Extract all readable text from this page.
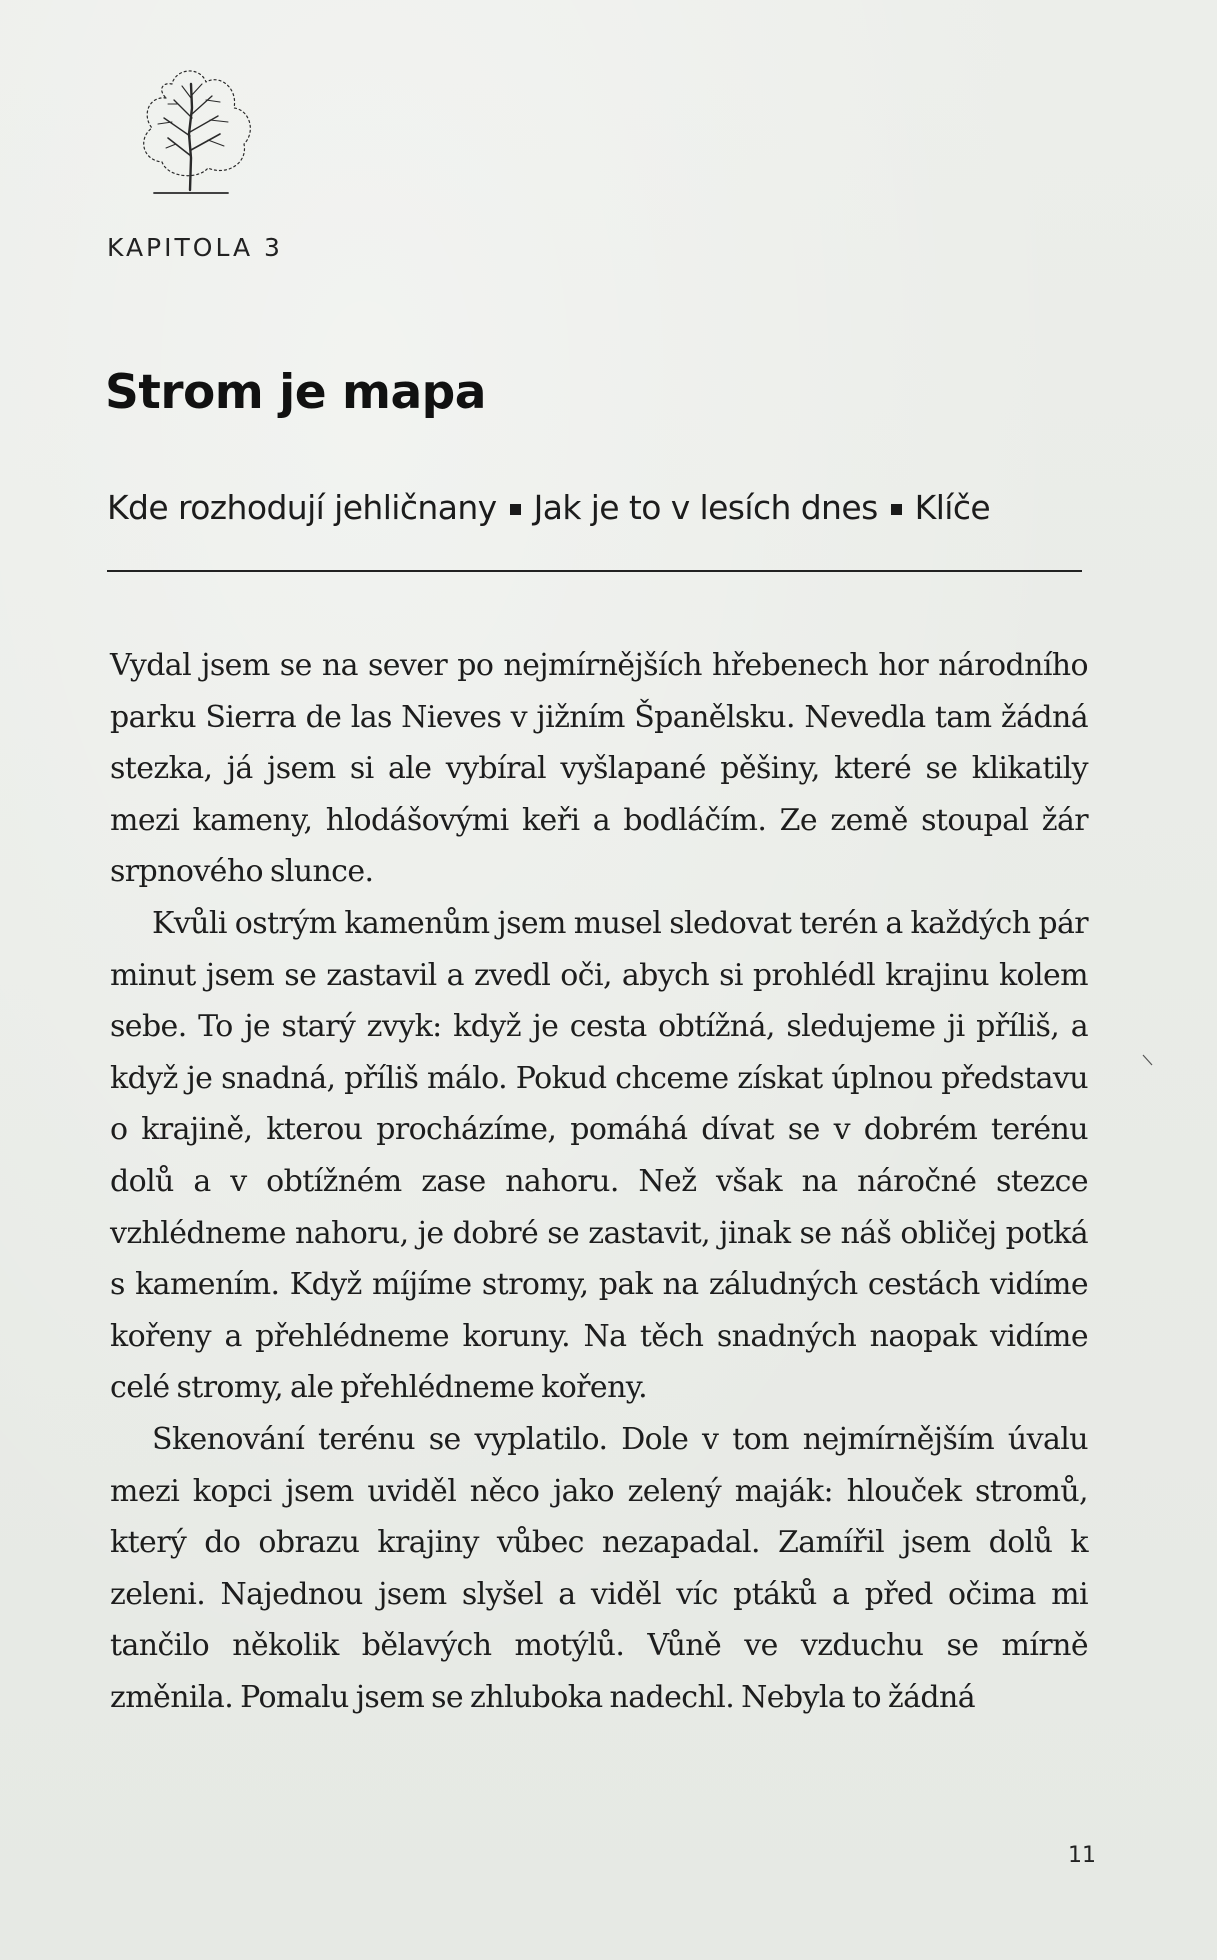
KAPITOLA 3
Strom je mapa
Kde rozhodují jehličnany Jak je to v lesích dnes Klíče

Vydal jsem se na sever po nejmírnějších hřebenech hor národního parku Sierra de las Nieves v jižním Španělsku. Nevedla tam žádná stezka, já jsem si ale vybíral vyšlapané pěšiny, které se klikatily mezi kameny, hlodášovými keři a bodláčím. Ze země stoupal žár srpnového slunce.

Kvůli ostrým kamenům jsem musel sledovat terén a každých pár minut jsem se zastavil a zvedl oči, abych si prohlédl krajinu kolem sebe. To je starý zvyk: když je cesta obtížná, sledujeme ji příliš, a když je snadná, příliš málo. Pokud chceme získat úplnou představu o krajině, kterou procházíme, pomáhá dívat se v dobrém terénu dolů a v obtížném zase nahoru. Než však na náročné stezce vzhlédneme nahoru, je dobré se zastavit, jinak se náš obličej potká s kamením. Když míjíme stromy, pak na záludných cestách vidíme kořeny a přehlédneme koruny. Na těch snadných naopak vidíme celé stromy, ale přehlédneme kořeny.

Skenování terénu se vyplatilo. Dole v tom nejmírnějším úvalu mezi kopci jsem uviděl něco jako zelený maják: hlouček stromů, který do obrazu krajiny vůbec nezapadal. Zamířil jsem dolů k zeleni. Najednou jsem slyšel a viděl víc ptáků a před očima mi tančilo několik bělavých motýlů. Vůně ve vzduchu se mírně změnila. Pomalu jsem se zhluboka nadechl. Nebyla to žádná

11
